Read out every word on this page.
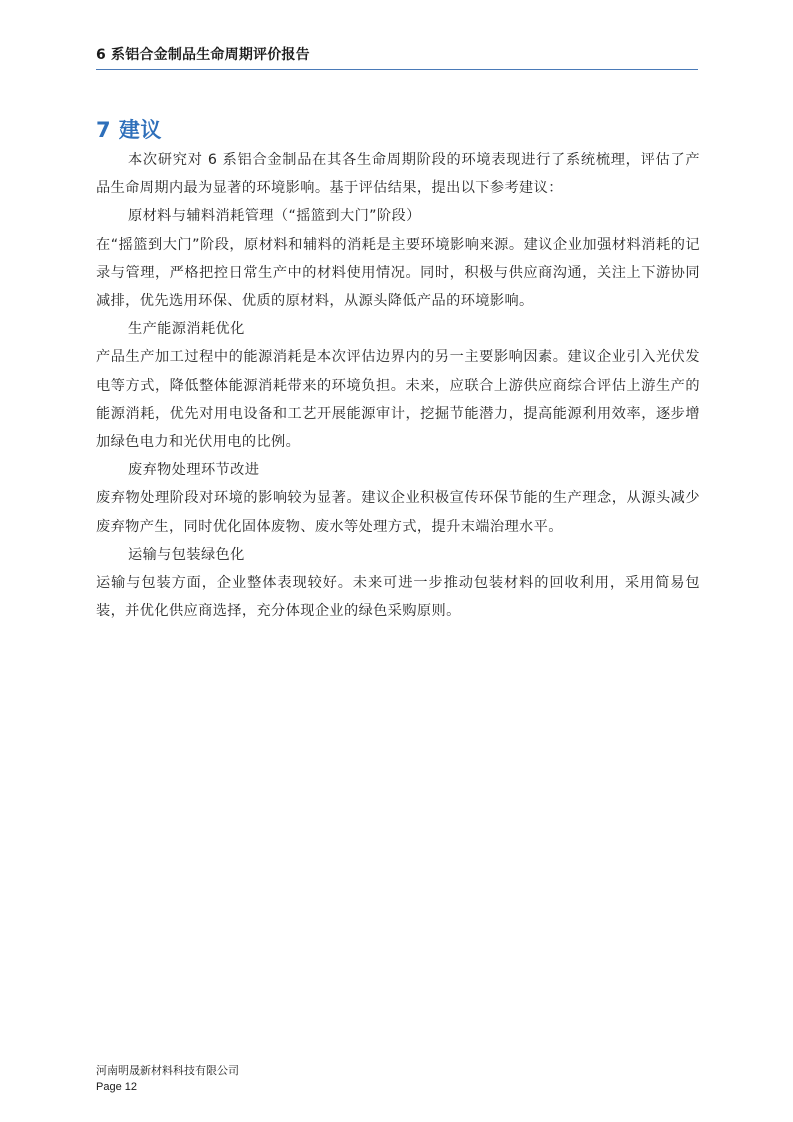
6 系铝合金制品生命周期评价报告
7 建议

本次研究对 6 系铝合金制品在其各生命周期阶段的环境表现进行了系统梳理，评估了产品生命周期内最为显著的环境影响。基于评估结果，提出以下参考建议：

原材料与辅料消耗管理（“摇篮到大门”阶段）

在“摇篮到大门”阶段，原材料和辅料的消耗是主要环境影响来源。建议企业加强材料消耗的记录与管理，严格把控日常生产中的材料使用情况。同时，积极与供应商沟通，关注上下游协同减排，优先选用环保、优质的原材料，从源头降低产品的环境影响。

生产能源消耗优化

产品生产加工过程中的能源消耗是本次评估边界内的另一主要影响因素。建议企业引入光伏发电等方式，降低整体能源消耗带来的环境负担。未来，应联合上游供应商综合评估上游生产的能源消耗，优先对用电设备和工艺开展能源审计，挖掘节能潜力，提高能源利用效率，逐步增加绿色电力和光伏用电的比例。

废弃物处理环节改进

废弃物处理阶段对环境的影响较为显著。建议企业积极宣传环保节能的生产理念，从源头减少废弃物产生，同时优化固体废物、废水等处理方式，提升末端治理水平。

运输与包装绿色化

运输与包装方面，企业整体表现较好。未来可进一步推动包装材料的回收利用，采用简易包装，并优化供应商选择，充分体现企业的绿色采购原则。

河南明晟新材料科技有限公司
Page 12
